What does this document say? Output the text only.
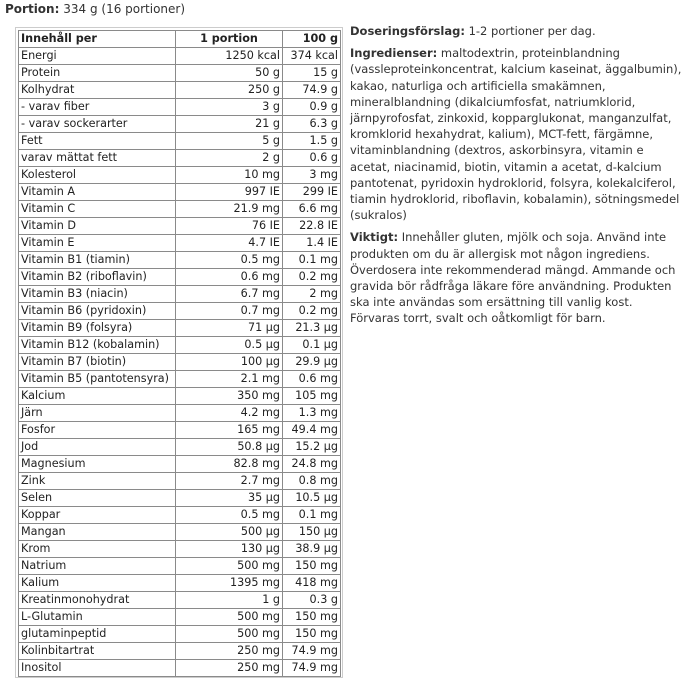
Portion: 334 g (16 portioner)
Innehåll per	1 portion	100 g
Energi	1250 kcal	374 kcal
Protein	50 g	15 g
Kolhydrat	250 g	74.9 g
- varav fiber	3 g	0.9 g
- varav sockerarter	21 g	6.3 g
Fett	5 g	1.5 g
varav mättat fett	2 g	0.6 g
Kolesterol	10 mg	3 mg
Vitamin A	997 IE	299 IE
Vitamin C	21.9 mg	6.6 mg
Vitamin D	76 IE	22.8 IE
Vitamin E	4.7 IE	1.4 IE
Vitamin B1 (tiamin)	0.5 mg	0.1 mg
Vitamin B2 (riboflavin)	0.6 mg	0.2 mg
Vitamin B3 (niacin)	6.7 mg	2 mg
Vitamin B6 (pyridoxin)	0.7 mg	0.2 mg
Vitamin B9 (folsyra)	71 µg	21.3 µg
Vitamin B12 (kobalamin)	0.5 µg	0.1 µg
Vitamin B7 (biotin)	100 µg	29.9 µg
Vitamin B5 (pantotensyra)	2.1 mg	0.6 mg
Kalcium	350 mg	105 mg
Järn	4.2 mg	1.3 mg
Fosfor	165 mg	49.4 mg
Jod	50.8 µg	15.2 µg
Magnesium	82.8 mg	24.8 mg
Zink	2.7 mg	0.8 mg
Selen	35 µg	10.5 µg
Koppar	0.5 mg	0.1 mg
Mangan	500 µg	150 µg
Krom	130 µg	38.9 µg
Natrium	500 mg	150 mg
Kalium	1395 mg	418 mg
Kreatinmonohydrat	1 g	0.3 g
L-Glutamin	500 mg	150 mg
glutaminpeptid	500 mg	150 mg
Kolinbitartrat	250 mg	74.9 mg
Inositol	250 mg	74.9 mg

Doseringsförslag: 1-2 portioner per dag.

Ingredienser: maltodextrin, proteinblandning (vassleproteinkoncentrat, kalcium kaseinat, äggalbumin), kakao, naturliga och artificiella smakämnen, mineralblandning (dikalciumfosfat, natriumklorid, järnpyrofosfat, zinkoxid, kopparglukonat, manganzulfat, kromklorid hexahydrat, kalium), MCT-fett, färgämne, vitaminblandning (dextros, askorbinsyra, vitamin e acetat, niacinamid, biotin, vitamin a acetat, d-kalcium pantotenat, pyridoxin hydroklorid, folsyra, kolekalciferol, tiamin hydroklorid, riboflavin, kobalamin), sötningsmedel (sukralos)

Viktigt: Innehåller gluten, mjölk och soja. Använd inte produkten om du är allergisk mot någon ingrediens. Överdosera inte rekommenderad mängd. Ammande och gravida bör rådfråga läkare före användning. Produkten ska inte användas som ersättning till vanlig kost. Förvaras torrt, svalt och oåtkomligt för barn.
